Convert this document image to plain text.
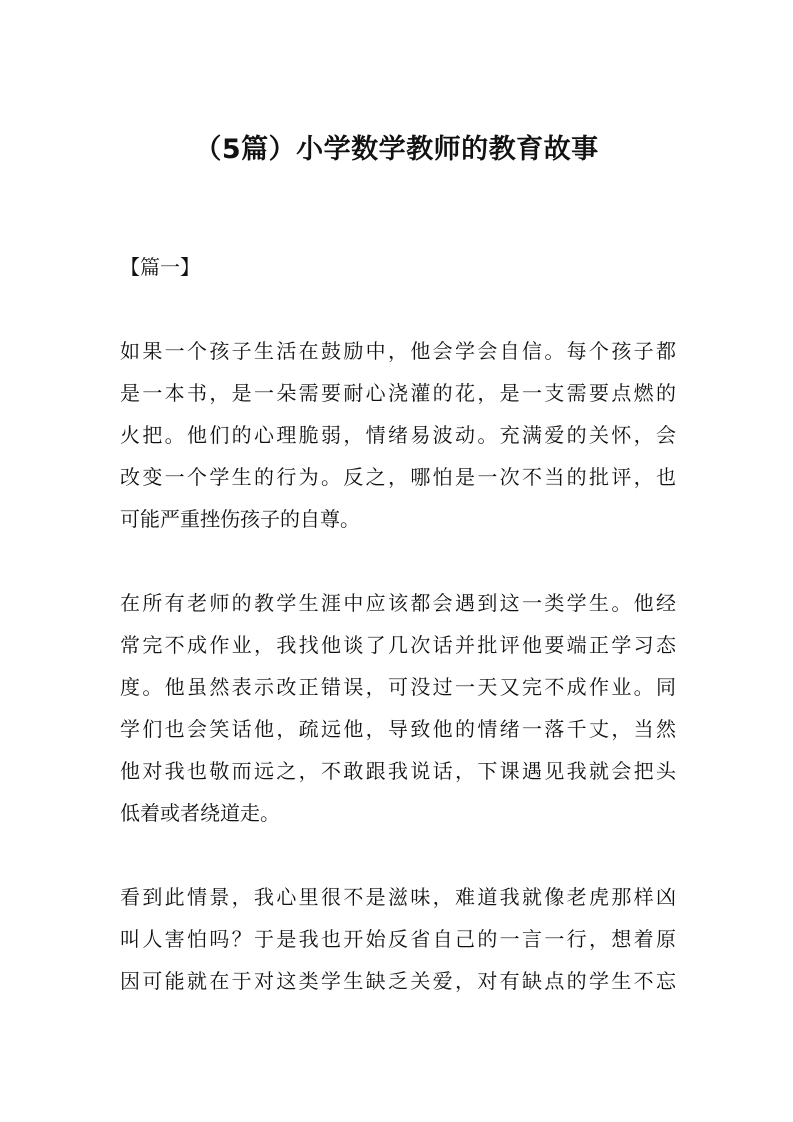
（5篇）小学数学教师的教育故事

【篇一】

如果一个孩子生活在鼓励中，他会学会自信。每个孩子都
是一本书，是一朵需要耐心浇灌的花，是一支需要点燃的
火把。他们的心理脆弱，情绪易波动。充满爱的关怀，会
改变一个学生的行为。反之，哪怕是一次不当的批评，也
可能严重挫伤孩子的自尊。

在所有老师的教学生涯中应该都会遇到这一类学生。他经
常完不成作业，我找他谈了几次话并批评他要端正学习态
度。他虽然表示改正错误，可没过一天又完不成作业。同
学们也会笑话他，疏远他，导致他的情绪一落千丈，当然
他对我也敬而远之，不敢跟我说话，下课遇见我就会把头
低着或者绕道走。

看到此情景，我心里很不是滋味，难道我就像老虎那样凶
叫人害怕吗？于是我也开始反省自己的一言一行，想着原
因可能就在于对这类学生缺乏关爱，对有缺点的学生不忘
